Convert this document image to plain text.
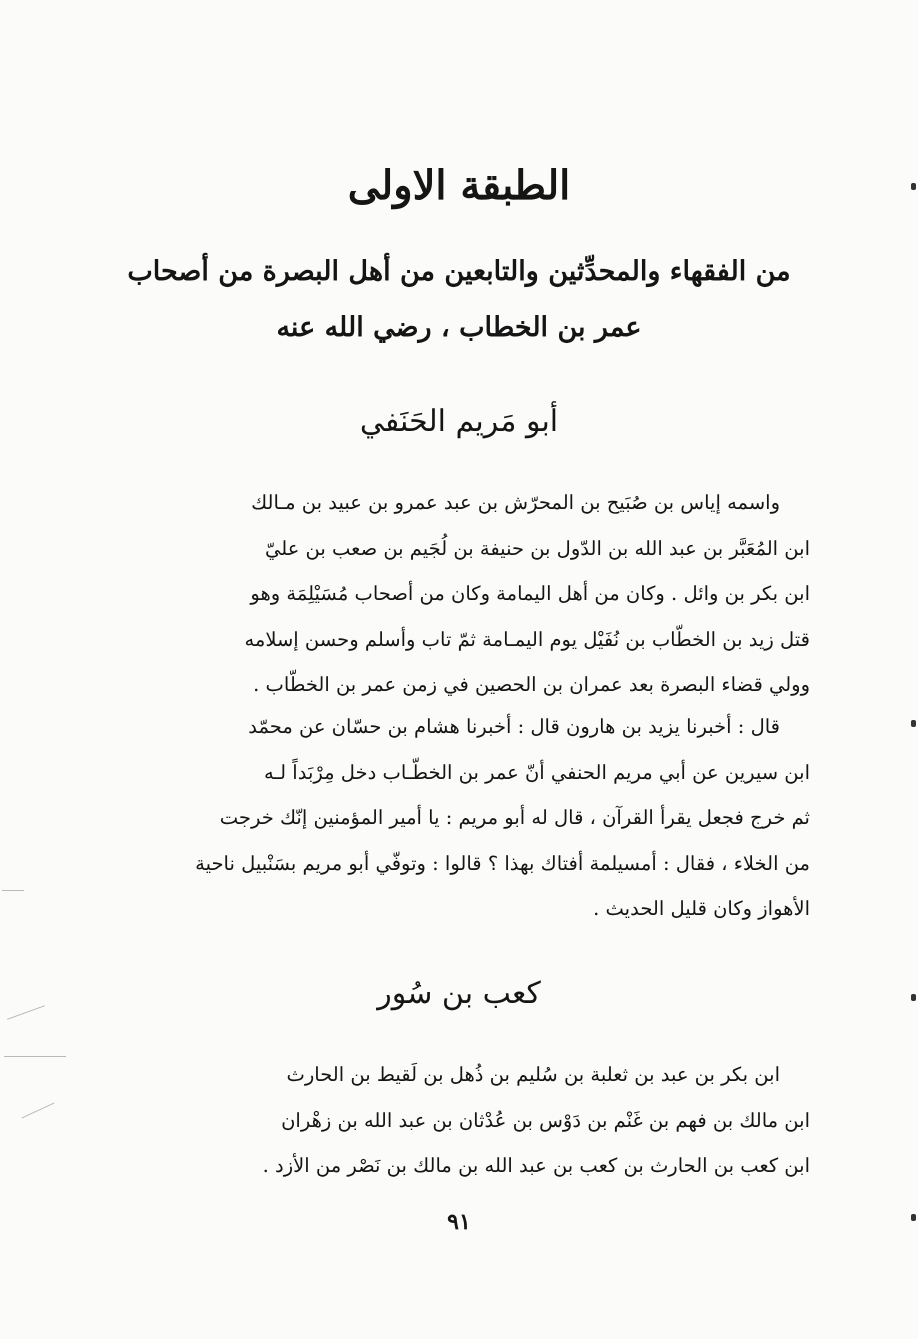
الطبقة الاولى
من الفقهاء والمحدِّثين والتابعين من أهل البصرة من أصحاب
عمر بن الخطاب ، رضي الله عنه
أبو مَريم الحَنَفي
واسمه إياس بن صُبَيح بن المحرّش بن عبد عمرو بن عبيد بن مـالك
ابن المُعَبَّر بن عبد الله بن الدّول بن حنيفة بن لُجَيم بن صعب بن عليّ
ابن بكر بن وائل . وكان من أهل اليمامة وكان من أصحاب مُسَيْلِمَة وهو
قتل زيد بن الخطّاب بن نُفَيْل يوم اليمـامة ثمّ تاب وأسلم وحسن إسلامه
وولي قضاء البصرة بعد عمران بن الحصين في زمن عمر بن الخطّاب .
قال : أخبرنا يزيد بن هارون قال : أخبرنا هشام بن حسّان عن محمّد
ابن سيرين عن أبي مريم الحنفي أنّ عمر بن الخطّـاب دخل مِرْبَداً لـه
ثم خرج فجعل يقرأ القرآن ، قال له أبو مريم : يا أمير المؤمنين إنّك خرجت
من الخلاء ، فقال : أمسيلمة أفتاك بهذا ؟ قالوا : وتوفّي أبو مريم بسَنْبيل ناحية
الأهواز وكان قليل الحديث .
كعب بن سُور
ابن بكر بن عبد بن ثعلبة بن سُليم بن ذُهل بن لَقيط بن الحارث
ابن مالك بن فهم بن غَنْم بن دَوْس بن عُدْثان بن عبد الله بن زهْران
ابن كعب بن الحارث بن كعب بن عبد الله بن مالك بن نَصْر من الأزد .
٩١
